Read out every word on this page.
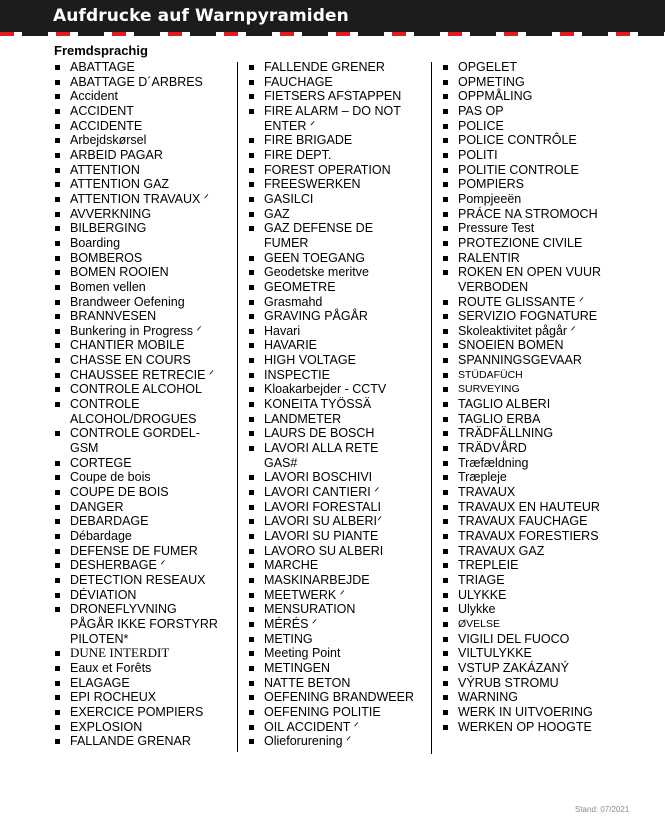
Aufdrucke auf Warnpyramiden
Fremdsprachig
ABATTAGE
ABATTAGE D´ARBRES
Accident
ACCIDENT
ACCIDENTE
Arbejdskørsel
ARBEID PAGAR
ATTENTION
ATTENTION GAZ
ATTENTION TRAVAUX ᐟ
AVVERKNING
BILBERGING
Boarding
BOMBEROS
BOMEN ROOIEN
Bomen vellen
Brandweer Oefening
BRANNVESEN
Bunkering in Progress ᐟ
CHANTIER MOBILE
CHASSE EN COURS
CHAUSSEE RETRECIE ᐟ
CONTROLE ALCOHOL
CONTROLE ALCOHOL/DROGUES
CONTROLE GORDEL-GSM
CORTEGE
Coupe de bois
COUPE DE BOIS
DANGER
DEBARDAGE
Débardage
DEFENSE DE FUMER
DESHERBAGE ᐟ
DETECTION RESEAUX
DÉVIATION
DRONEFLYVNING PÅGÅR IKKE FORSTYRR PILOTEN*
DUNE INTERDIT
Eaux et Forêts
ELAGAGE
EPI ROCHEUX
EXERCICE POMPIERS
EXPLOSION
FALLANDE GRENAR
FALLENDE GRENER
FAUCHAGE
FIETSERS AFSTAPPEN
FIRE ALARM – DO NOT ENTER ᐟ
FIRE BRIGADE
FIRE DEPT.
FOREST OPERATION
FREESWERKEN
GASILCI
GAZ
GAZ DEFENSE DE FUMER
GEEN TOEGANG
Geodetske meritve
GEOMETRE
Grasmahd
GRAVING PÅGÅR
Havari
HAVARIE
HIGH VOLTAGE
INSPECTIE
Kloakarbejder - CCTV
KONEITA TYÖSSÄ
LANDMETER
LAURS DE BOSCH
LAVORI ALLA RETE GAS#
LAVORI BOSCHIVI
LAVORI CANTIERI ᐟ
LAVORI FORESTALI
LAVORI SU ALBERIᐟ
LAVORI SU PIANTE
LAVORO SU ALBERI
MARCHE
MASKINARBEJDE
MEETWERK ᐟ
MENSURATION
MÉRÉS ᐟ
METING
Meeting Point
METINGEN
NATTE BETON
OEFENING BRANDWEER
OEFENING POLITIE
OIL ACCIDENT ᐟ
Olieforurening ᐟ
OPGELET
OPMETING
OPPMÅLING
PAS OP
POLICE
POLICE CONTRÔLE
POLITI
POLITIE CONTROLE
POMPIERS
Pompjeeën
PRÁCE NA STROMOCH
Pressure Test
PROTEZIONE CIVILE
RALENTIR
ROKEN EN OPEN VUUR VERBODEN
ROUTE GLISSANTE ᐟ
SERVIZIO FOGNATURE
Skoleaktivitet pågår ᐟ
SNOEIEN BOMEN
SPANNINGSGEVAAR
STÜDAFÜCH
SURVEYING
TAGLIO ALBERI
TAGLIO ERBA
TRÄDFÄLLNING
TRÄDVÅRD
Træfældning
Træpleje
TRAVAUX
TRAVAUX EN HAUTEUR
TRAVAUX FAUCHAGE
TRAVAUX FORESTIERS
TRAVAUX GAZ
TREPLEIE
TRIAGE
ULYKKE
Ulykke
ØVELSE
VIGILI DEL FUOCO
VILTULYKKE
VSTUP ZAKÁZANÝ
VÝRUB STROMU
WARNING
WERK IN UITVOERING
WERKEN OP HOOGTE
Stand: 07/2021
